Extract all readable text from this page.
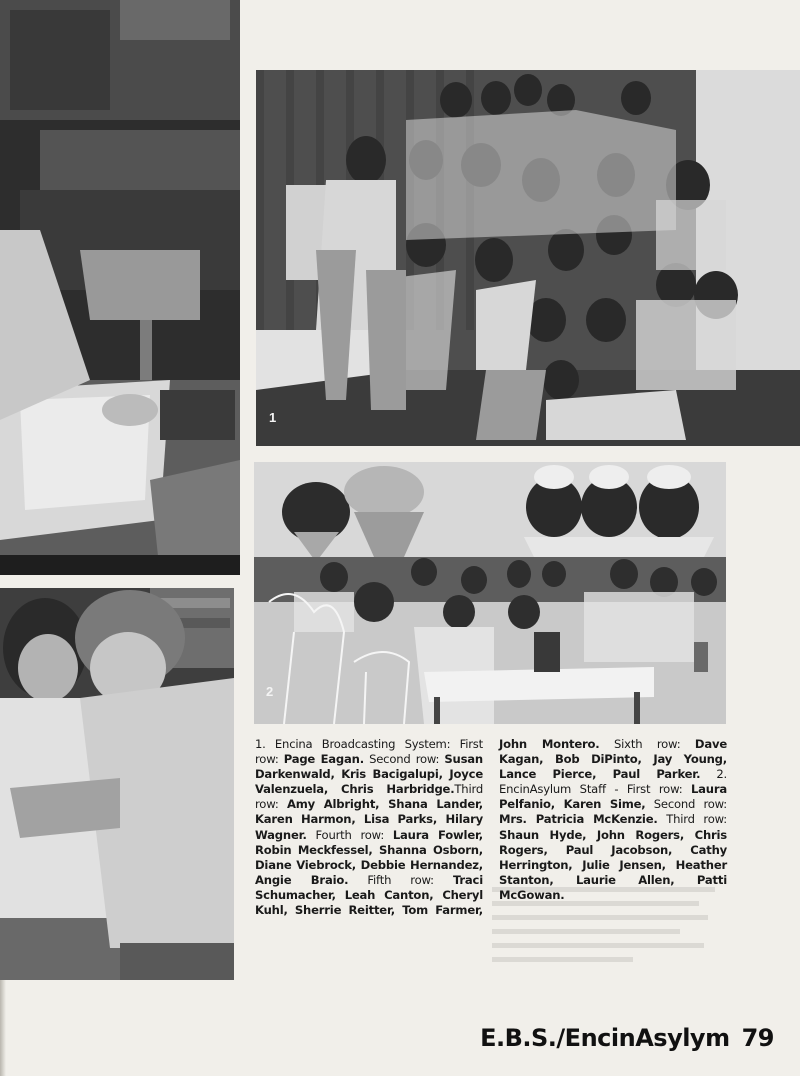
1
2
1. Encina Broadcasting System: First row: Page Eagan. Second row: Susan Darkenwald, Kris Bacigalupi, Joyce Valenzuela, Chris Harbridge.Third row: Amy Albright, Shana Lander, Karen Harmon, Lisa Parks, Hilary Wagner. Fourth row: Laura Fowler, Robin Meckfessel, Shanna Osborn, Diane Viebrock, Debbie Hernandez, Angie Braio. Fifth row: Traci Schumacher, Leah Canton, Cheryl Kuhl, Sherrie Reitter, Tom Farmer, John Montero. Sixth row: Dave Kagan, Bob DiPinto, Jay Young, Lance Pierce, Paul Parker. 2. EncinAsylum Staff - First row: Laura Pelfanio, Karen Sime, Second row: Mrs. Patricia McKenzie. Third row: Shaun Hyde, John Rogers, Chris Rogers, Paul Jacobson, Cathy Herrington, Julie Jensen, Heather Stanton, Laurie Allen, Patti McGowan.
E.B.S./EncinAsylym 79
